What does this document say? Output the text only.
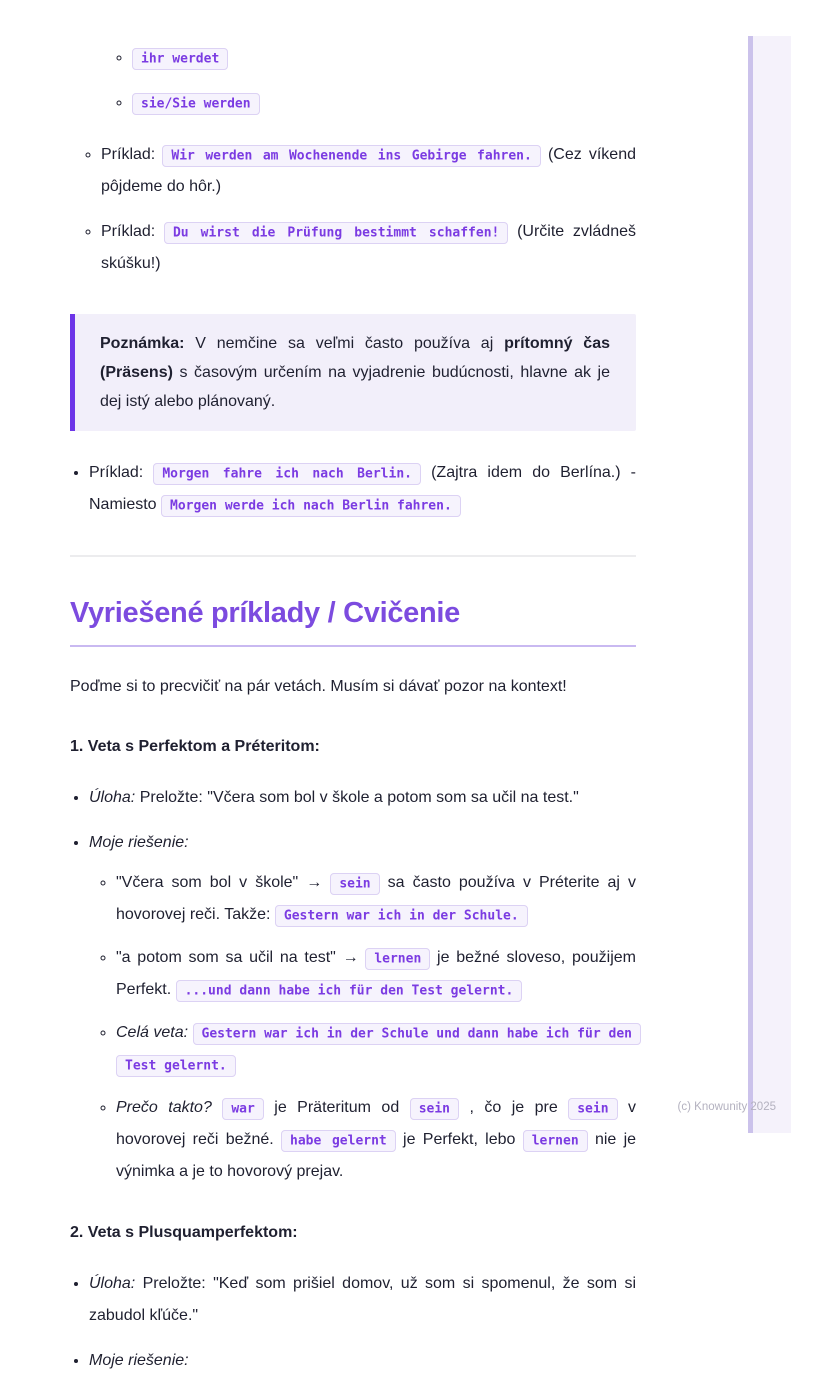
◦ ihr werdet
◦ sie/Sie werden
◦ Príklad: Wir werden am Wochenende ins Gebirge fahren. (Cez víkend pôjdeme do hôr.)
◦ Príklad: Du wirst die Prüfung bestimmt schaffen! (Určite zvládneš skúšku!)
Poznámka: V nemčine sa veľmi často používa aj prítomný čas (Präsens) s časovým určením na vyjadrenie budúcnosti, hlavne ak je dej istý alebo plánovaný.
• Príklad: Morgen fahre ich nach Berlin. (Zajtra idem do Berlína.) - Namiesto Morgen werde ich nach Berlin fahren.
Vyriešené príklady / Cvičenie

Poďme si to precvičiť na pár vetách. Musím si dávať pozor na kontext!

1. Veta s Perfektom a Préteritom:

• Úloha: Preložte: "Včera som bol v škole a potom som sa učil na test."
• Moje riešenie:
◦ "Včera som bol v škole" → sein sa často používa v Préterite aj v hovorovej reči. Takže: Gestern war ich in der Schule.
◦ "a potom som sa učil na test" → lernen je bežné sloveso, použijem Perfekt. ...und dann habe ich für den Test gelernt.
◦ Celá veta: Gestern war ich in der Schule und dann habe ich für den Test gelernt.
◦ Prečo takto? war je Präteritum od sein , čo je pre sein v hovorovej reči bežné. habe gelernt je Perfekt, lebo lernen nie je výnimka a je to hovorový prejav.

2. Veta s Plusquamperfektom:

• Úloha: Preložte: "Keď som prišiel domov, už som si spomenul, že som si zabudol kľúče."
• Moje riešenie:
(c) Knowunity 2025
